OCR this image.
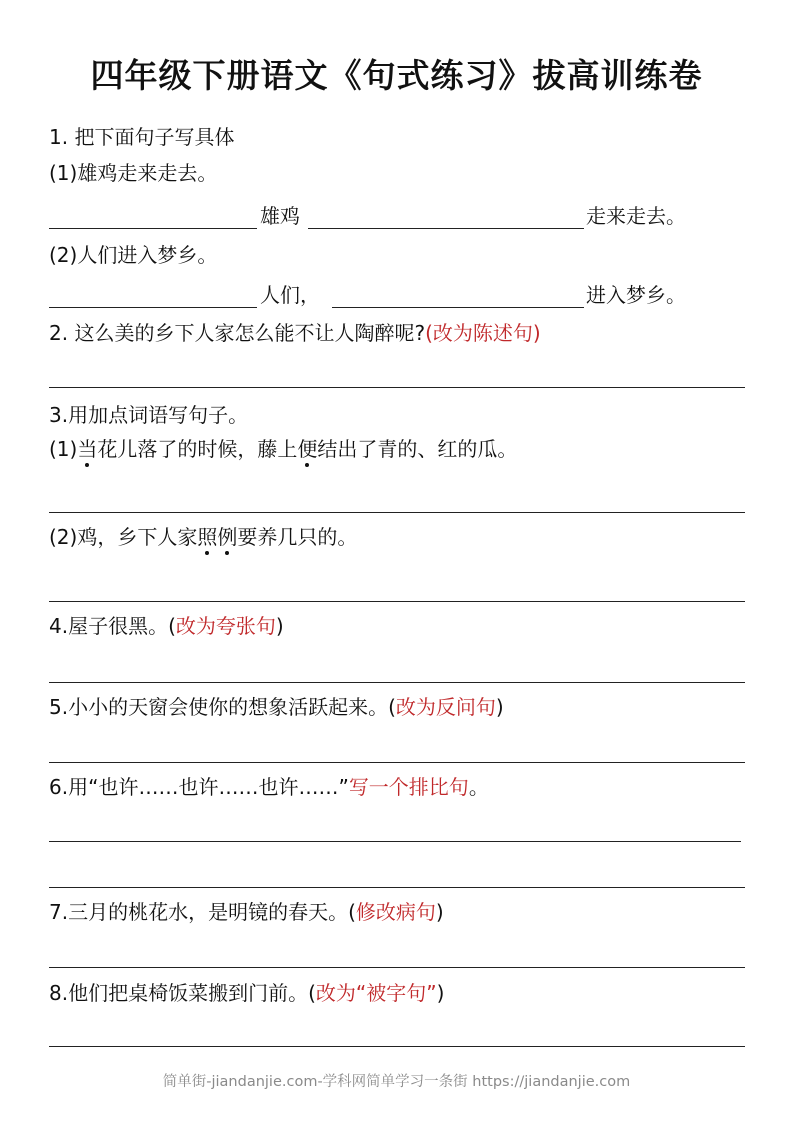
四年级下册语文《句式练习》拔高训练卷
1. 把下面句子写具体
(1)雄鸡走来走去。
雄鸡	走来走去。
(2)人们进入梦乡。
人们，	进入梦乡。
2. 这么美的乡下人家怎么能不让人陶醉呢?(改为陈述句)
3.用加点词语写句子。
(1)当花儿落了的时候，藤上便结出了青的、红的瓜。
(2)鸡，乡下人家照例要养几只的。
4.屋子很黑。(改为夸张句)
5.小小的天窗会使你的想象活跃起来。(改为反问句)
6.用“也许……也许……也许……”写一个排比句。
7.三月的桃花水，是明镜的春天。(修改病句)
8.他们把桌椅饭菜搬到门前。(改为“被字句”)
简单街-jiandanjie.com-学科网简单学习一条街 https://jiandanjie.com
